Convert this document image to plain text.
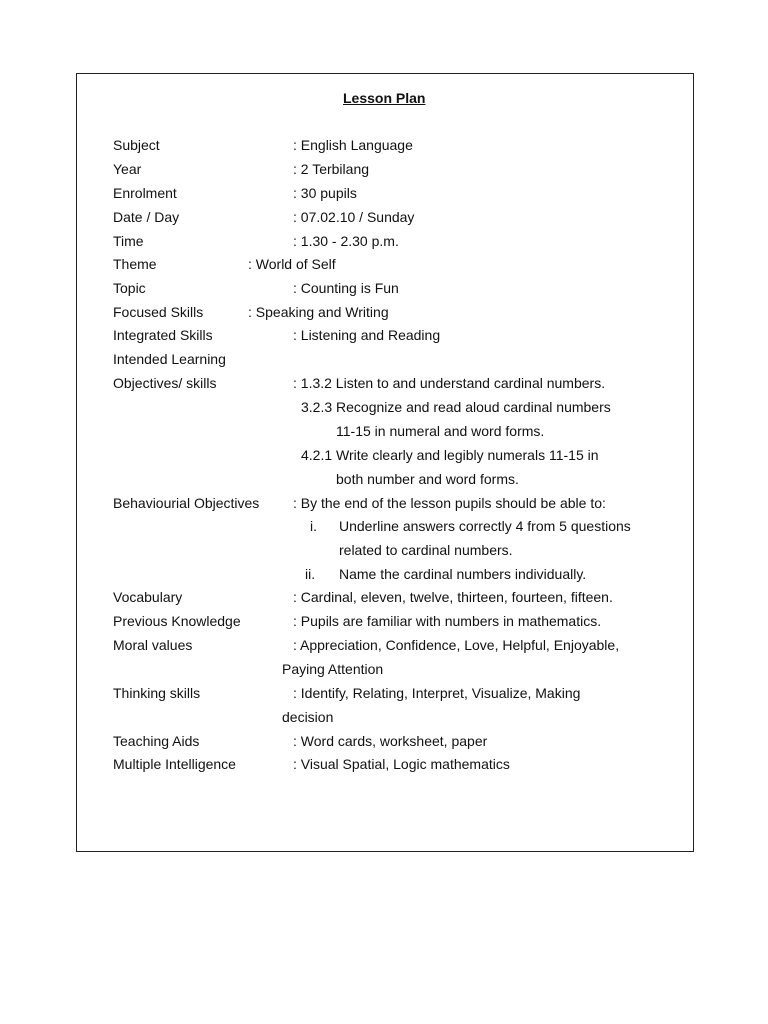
Lesson Plan
Subject
Year
Enrolment
Date / Day
Time
Theme
Topic
Focused Skills
Integrated Skills
Intended Learning
Objectives/ skills
Behaviourial Objectives
Vocabulary
Previous Knowledge
Moral values
Thinking skills
Teaching Aids
Multiple Intelligence
: English Language
: 2 Terbilang
: 30 pupils
: 07.02.10 / Sunday
: 1.30 - 2.30 p.m.
: World of Self
: Counting is Fun
: Speaking and Writing
: Listening and Reading
: 1.3.2 Listen to and understand cardinal numbers.
3.2.3 Recognize and read aloud cardinal numbers
11-15 in numeral and word forms.
4.2.1 Write clearly and legibly numerals 11-15 in
both number and word forms.
: By the end of the lesson pupils should be able to:
i. Underline answers correctly 4 from 5 questions
related to cardinal numbers.
ii. Name the cardinal numbers individually.
: Cardinal, eleven, twelve, thirteen, fourteen, fifteen.
: Pupils are familiar with numbers in mathematics.
: Appreciation, Confidence, Love, Helpful, Enjoyable,
Paying Attention
: Identify, Relating, Interpret, Visualize, Making
decision
: Word cards, worksheet, paper
: Visual Spatial, Logic mathematics
